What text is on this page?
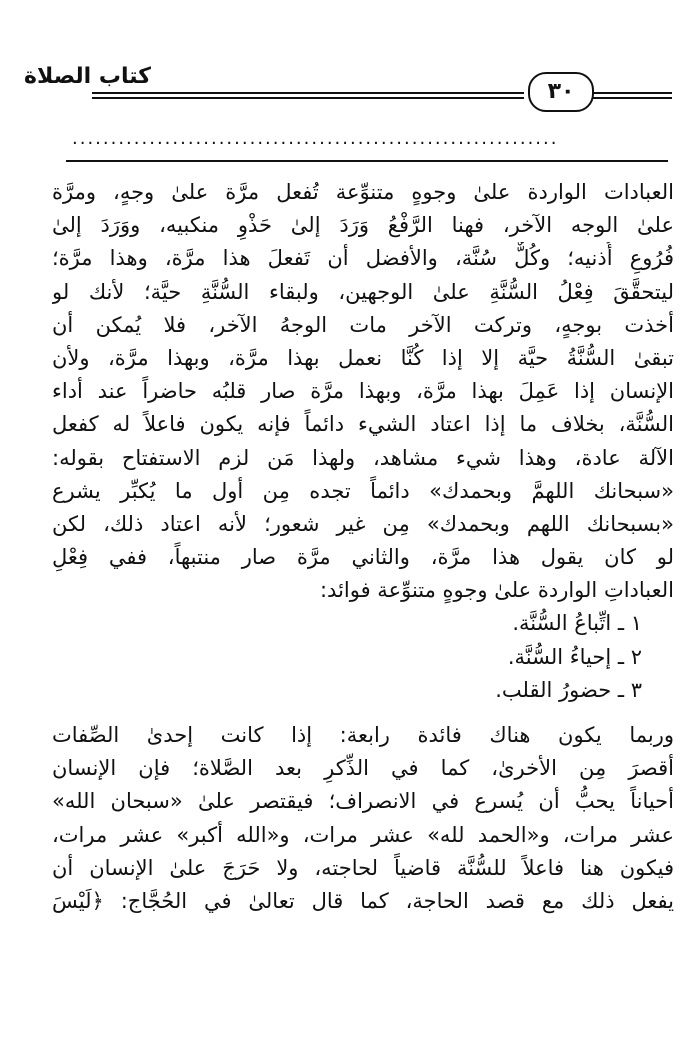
كتاب الصلاة
٣٠
...............................................................
العبادات الواردة علىٰ وجوهٍ متنوِّعة تُفعل مرَّة علىٰ وجهٍ، ومرَّة
علىٰ الوجه الآخر، فهنا الرَّفْعُ وَرَدَ إلىٰ حَذْوِ منكبيه، ووَرَدَ إلىٰ
فُرُوعِ أُذنيه؛ وكُلٌّ سُنَّة، والأفضل أن تَفعلَ هذا مرَّة، وهذا مرَّة؛
ليتحقَّقَ فِعْلُ السُّنَّةِ علىٰ الوجهين، ولبقاء السُّنَّةِ حيَّة؛ لأنك لو
أخذت بوجهٍ، وتركت الآخر مات الوجهُ الآخر، فلا يُمكن أن
تبقىٰ السُّنَّةُ حيَّة إلا إذا كُنَّا نعمل بهذا مرَّة، وبهذا مرَّة، ولأن
الإنسان إذا عَمِلَ بهذا مرَّة، وبهذا مرَّة صار قلبُه حاضراً عند أداء
السُّنَّة، بخلاف ما إذا اعتاد الشيء دائماً فإنه يكون فاعلاً له كفعل
الآلة عادة، وهذا شيء مشاهد، ولهذا مَن لزم الاستفتاح بقوله:
«سبحانك اللهمَّ وبحمدك» دائماً تجده مِن أول ما يُكبِّر يشرع
«بسبحانك اللهم وبحمدك» مِن غير شعور؛ لأنه اعتاد ذلك، لكن
لو كان يقول هذا مرَّة، والثاني مرَّة صار منتبهاً، ففي فِعْلِ
العباداتِ الواردة علىٰ وجوهٍ متنوِّعة فوائد:
١ ـ اتِّباعُ السُّنَّة.
٢ ـ إحياءُ السُّنَّة.
٣ ـ حضورُ القلب.
وربما يكون هناك فائدة رابعة: إذا كانت إحدىٰ الصِّفات
أقصرَ مِن الأخرىٰ، كما في الذِّكرِ بعد الصَّلاة؛ فإن الإنسان
أحياناً يحبُّ أن يُسرع في الانصراف؛ فيقتصر علىٰ «سبحان الله»
عشر مرات، و«الحمد لله» عشر مرات، و«الله أكبر» عشر مرات،
فيكون هنا فاعلاً للسُّنَّة قاضياً لحاجته، ولا حَرَجَ علىٰ الإنسان أن
يفعل ذلك مع قصد الحاجة، كما قال تعالىٰ في الحُجَّاج: ﴿لَيْسَ
